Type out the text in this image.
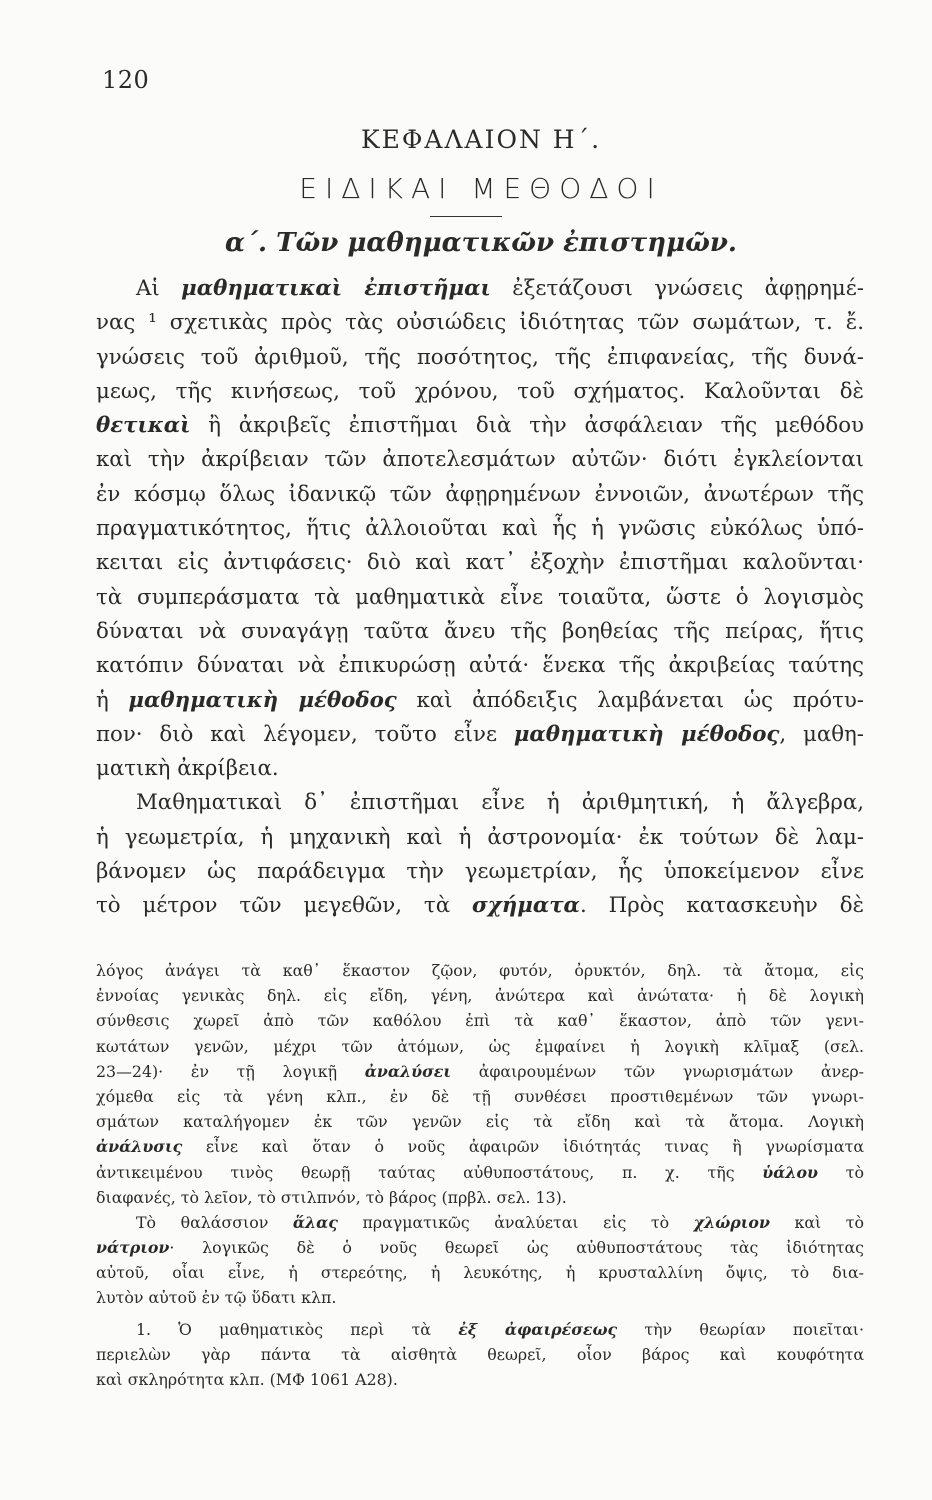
120
ΚΕΦΑΛΑΙΟΝ Η΄.
ΕΙΔΙΚΑΙ ΜΕΘΟΔΟΙ
α΄. Τῶν μαθηματικῶν ἐπιστημῶν.
Αἱ μαθηματικαὶ ἐπιστῆμαι ἐξετάζουσι γνώσεις ἀφῃρημέ-
νας ¹ σχετικὰς πρὸς τὰς οὐσιώδεις ἰδιότητας τῶν σωμάτων, τ. ἔ.
γνώσεις τοῦ ἀριθμοῦ, τῆς ποσότητος, τῆς ἐπιφανείας, τῆς δυνά-
μεως, τῆς κινήσεως, τοῦ χρόνου, τοῦ σχήματος. Καλοῦνται δὲ
θετικαὶ ἢ ἀκριβεῖς ἐπιστῆμαι διὰ τὴν ἀσφάλειαν τῆς μεθόδου
καὶ τὴν ἀκρίβειαν τῶν ἀποτελεσμάτων αὐτῶν· διότι ἐγκλείονται
ἐν κόσμῳ ὅλως ἰδανικῷ τῶν ἀφῃρημένων ἐννοιῶν, ἀνωτέρων τῆς
πραγματικότητος, ἥτις ἀλλοιοῦται καὶ ἧς ἡ γνῶσις εὐκόλως ὑπό-
κειται εἰς ἀντιφάσεις· διὸ καὶ κατ᾿ ἐξοχὴν ἐπιστῆμαι καλοῦνται·
τὰ συμπεράσματα τὰ μαθηματικὰ εἶνε τοιαῦτα, ὥστε ὁ λογισμὸς
δύναται νὰ συναγάγῃ ταῦτα ἄνευ τῆς βοηθείας τῆς πείρας, ἥτις
κατόπιν δύναται νὰ ἐπικυρώσῃ αὐτά· ἕνεκα τῆς ἀκριβείας ταύτης
ἡ μαθηματικὴ μέθοδος καὶ ἀπόδειξις λαμβάνεται ὡς πρότυ-
πον· διὸ καὶ λέγομεν, τοῦτο εἶνε μαθηματικὴ μέθοδος, μαθη-
ματικὴ ἀκρίβεια.
Μαθηματικαὶ δ᾿ ἐπιστῆμαι εἶνε ἡ ἀριθμητική, ἡ ἄλγεβρα,
ἡ γεωμετρία, ἡ μηχανικὴ καὶ ἡ ἀστρονομία· ἐκ τούτων δὲ λαμ-
βάνομεν ὡς παράδειγμα τὴν γεωμετρίαν, ἧς ὑποκείμενον εἶνε
τὸ μέτρον τῶν μεγεθῶν, τὰ σχήματα. Πρὸς κατασκευὴν δὲ
λόγος ἀνάγει τὰ καθ᾿ ἕκαστον ζῷον, φυτόν, ὀρυκτόν, δηλ. τὰ ἄτομα, εἰς
ἐννοίας γενικὰς δηλ. εἰς εἴδη, γένη, ἀνώτερα καὶ ἀνώτατα· ἡ δὲ λογικὴ
σύνθεσις χωρεῖ ἀπὸ τῶν καθόλου ἐπὶ τὰ καθ᾿ ἕκαστον, ἀπὸ τῶν γενι-
κωτάτων γενῶν, μέχρι τῶν ἀτόμων, ὡς ἐμφαίνει ἡ λογικὴ κλῖμαξ (σελ.
23—24)· ἐν τῇ λογικῇ ἀναλύσει ἀφαιρουμένων τῶν γνωρισμάτων ἀνερ-
χόμεθα εἰς τὰ γένη κλπ., ἐν δὲ τῇ συνθέσει προστιθεμένων τῶν γνωρι-
σμάτων καταλήγομεν ἐκ τῶν γενῶν εἰς τὰ εἴδη καὶ τὰ ἄτομα. Λογικὴ
ἀνάλυσις εἶνε καὶ ὅταν ὁ νοῦς ἀφαιρῶν ἰδιότητάς τινας ἢ γνωρίσματα
ἀντικειμένου τινὸς θεωρῇ ταύτας αὐθυποστάτους, π. χ. τῆς ὑάλου τὸ
διαφανές, τὸ λεῖον, τὸ στιλπνόν, τὸ βάρος (πρβλ. σελ. 13).
Τὸ θαλάσσιον ἅλας πραγματικῶς ἀναλύεται εἰς τὸ χλώριον καὶ τὸ
νάτριον· λογικῶς δὲ ὁ νοῦς θεωρεῖ ὡς αὐθυποστάτους τὰς ἰδιότητας
αὐτοῦ, οἷαι εἶνε, ἡ στερεότης, ἡ λευκότης, ἡ κρυσταλλίνη ὄψις, τὸ δια-
λυτὸν αὐτοῦ ἐν τῷ ὕδατι κλπ.
1. Ὁ μαθηματικὸς περὶ τὰ ἐξ ἀφαιρέσεως τὴν θεωρίαν ποιεῖται·
περιελὼν γὰρ πάντα τὰ αἰσθητὰ θεωρεῖ, οἷον βάρος καὶ κουφότητα
καὶ σκληρότητα κλπ. (ΜΦ 1061 Α28).
